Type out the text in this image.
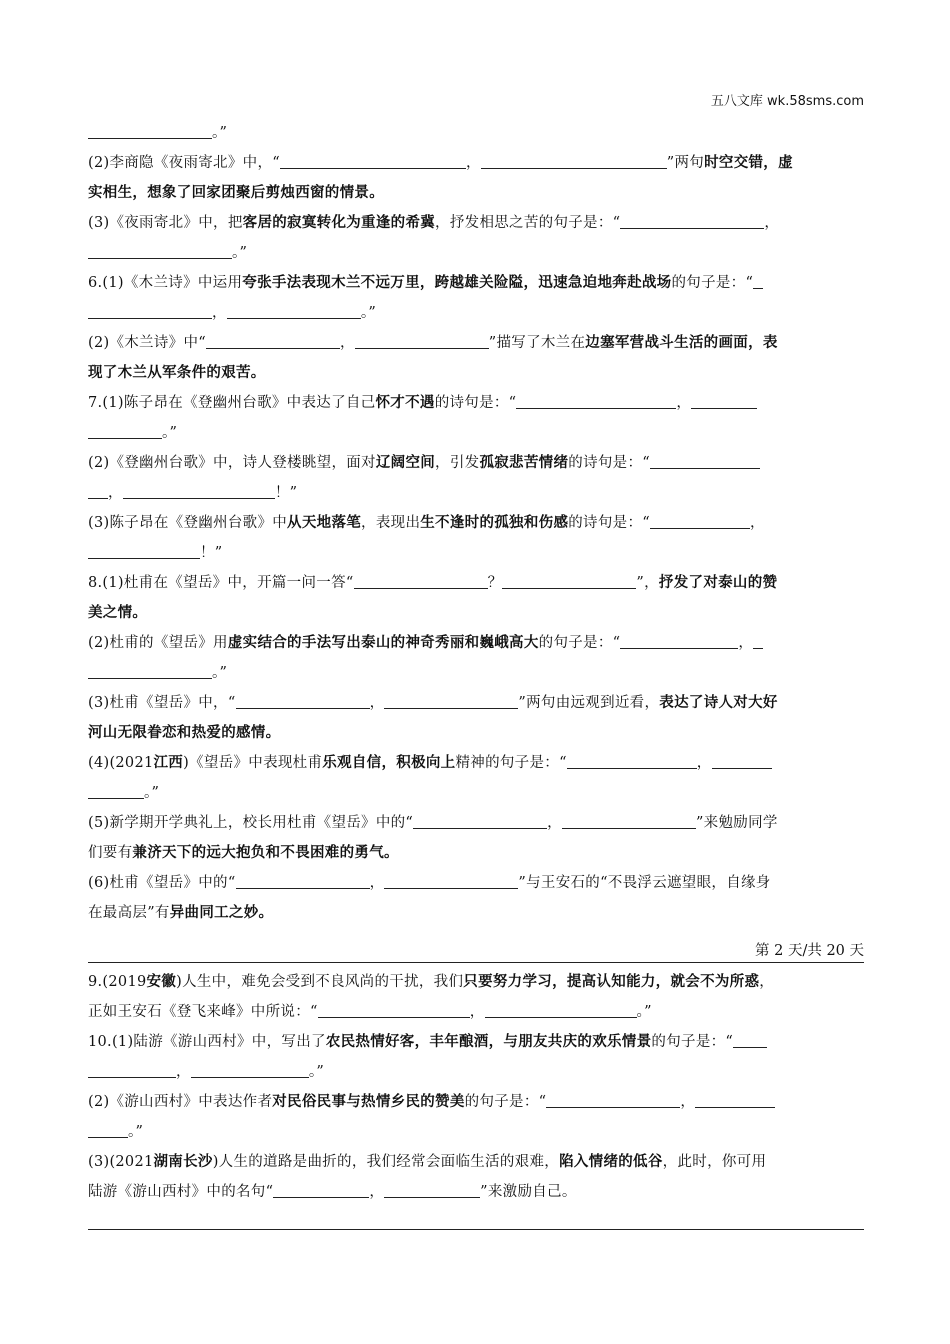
五八文库 wk.58sms.com
。”
(2)李商隐《夜雨寄北》中，“	，	”两句时空交错，虚
实相生，想象了回家团聚后剪烛西窗的情景。
(3)《夜雨寄北》中，把客居的寂寞转化为重逢的希冀，抒发相思之苦的句子是：“	，
。”
6.(1)《木兰诗》中运用夸张手法表现木兰不远万里，跨越雄关险隘，迅速急迫地奔赴战场的句子是：“
，	。”
(2)《木兰诗》中“	，	”描写了木兰在边塞军营战斗生活的画面，表
现了木兰从军条件的艰苦。
7.(1)陈子昂在《登幽州台歌》中表达了自己怀才不遇的诗句是：“	，
。”
(2)《登幽州台歌》中，诗人登楼眺望，面对辽阔空间，引发孤寂悲苦情绪的诗句是：“
，	！”
(3)陈子昂在《登幽州台歌》中从天地落笔，表现出生不逢时的孤独和伤感的诗句是：“	，
！”
8.(1)杜甫在《望岳》中，开篇一问一答“	？	”，抒发了对泰山的赞
美之情。
(2)杜甫的《望岳》用虚实结合的手法写出泰山的神奇秀丽和巍峨高大的句子是：“	，
。”
(3)杜甫《望岳》中，“	，	”两句由远观到近看，表达了诗人对大好
河山无限眷恋和热爱的感情。
(4)(2021江西)《望岳》中表现杜甫乐观自信，积极向上精神的句子是：“	，
。”
(5)新学期开学典礼上，校长用杜甫《望岳》中的“	，	”来勉励同学
们要有兼济天下的远大抱负和不畏困难的勇气。
(6)杜甫《望岳》中的“	，	”与王安石的“不畏浮云遮望眼，自缘身
在最高层”有异曲同工之妙。
第 2 天/共 20 天
9.(2019安徽)人生中，难免会受到不良风尚的干扰，我们只要努力学习，提高认知能力，就会不为所惑，
正如王安石《登飞来峰》中所说：“	，	。”
10.(1)陆游《游山西村》中，写出了农民热情好客，丰年酿酒，与朋友共庆的欢乐情景的句子是：“
，	。”
(2)《游山西村》中表达作者对民俗民事与热情乡民的赞美的句子是：“	，
。”
(3)(2021湖南长沙)人生的道路是曲折的，我们经常会面临生活的艰难，陷入情绪的低谷，此时，你可用
陆游《游山西村》中的名句“	，	”来激励自己。
